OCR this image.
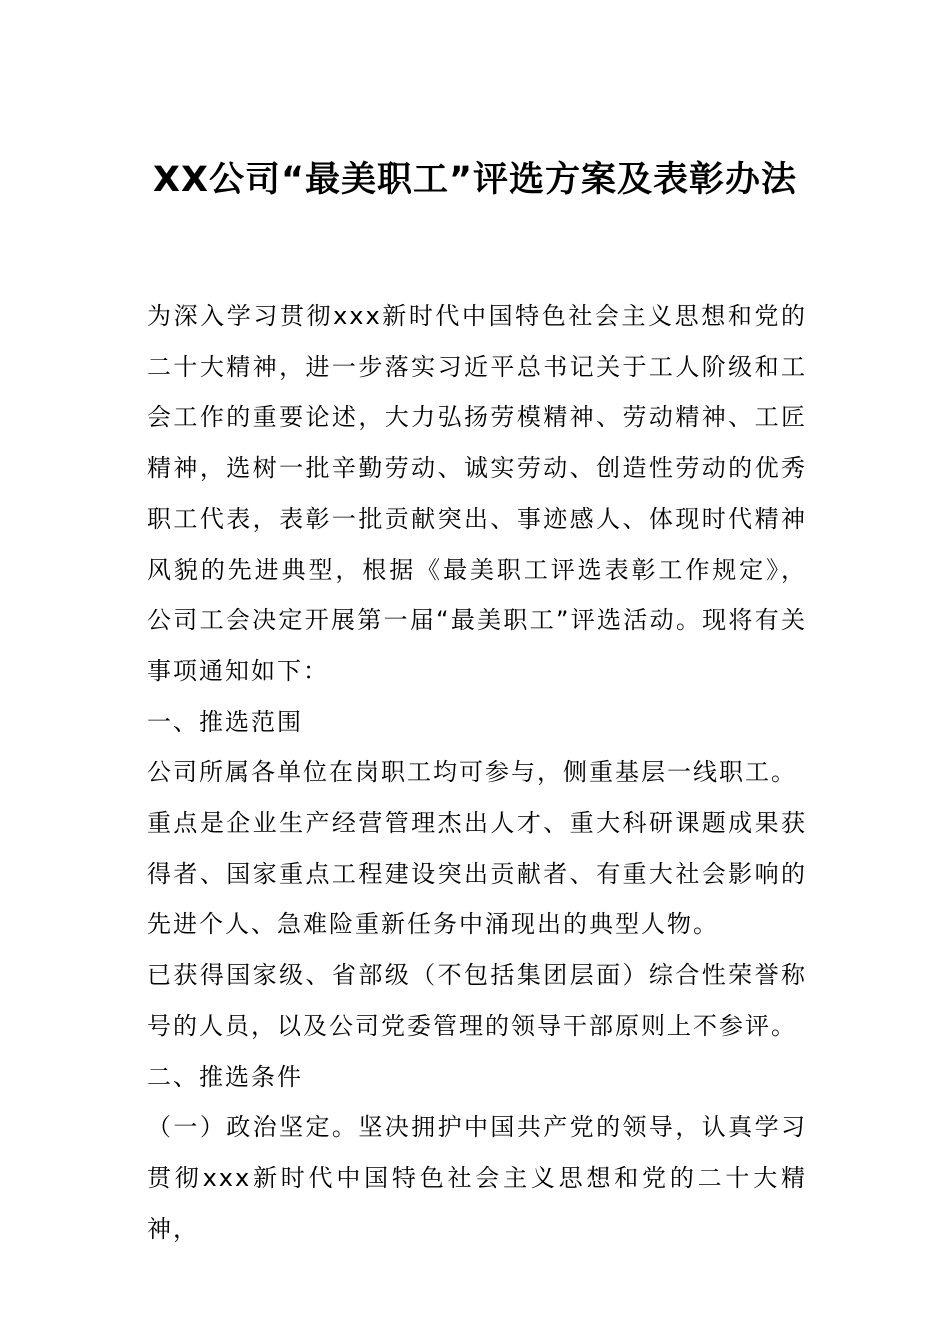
XX公司“最美职工”评选方案及表彰办法

为深入学习贯彻xxx新时代中国特色社会主义思想和党的二十大精神，进一步落实习近平总书记关于工人阶级和工会工作的重要论述，大力弘扬劳模精神、劳动精神、工匠精神，选树一批辛勤劳动、诚实劳动、创造性劳动的优秀职工代表，表彰一批贡献突出、事迹感人、体现时代精神风貌的先进典型，根据《最美职工评选表彰工作规定》，公司工会决定开展第一届“最美职工”评选活动。现将有关事项通知如下：

一、推选范围

公司所属各单位在岗职工均可参与，侧重基层一线职工。

重点是企业生产经营管理杰出人才、重大科研课题成果获得者、国家重点工程建设突出贡献者、有重大社会影响的先进个人、急难险重新任务中涌现出的典型人物。

已获得国家级、省部级（不包括集团层面）综合性荣誉称号的人员，以及公司党委管理的领导干部原则上不参评。

二、推选条件

（一）政治坚定。坚决拥护中国共产党的领导，认真学习贯彻xxx新时代中国特色社会主义思想和党的二十大精神，
